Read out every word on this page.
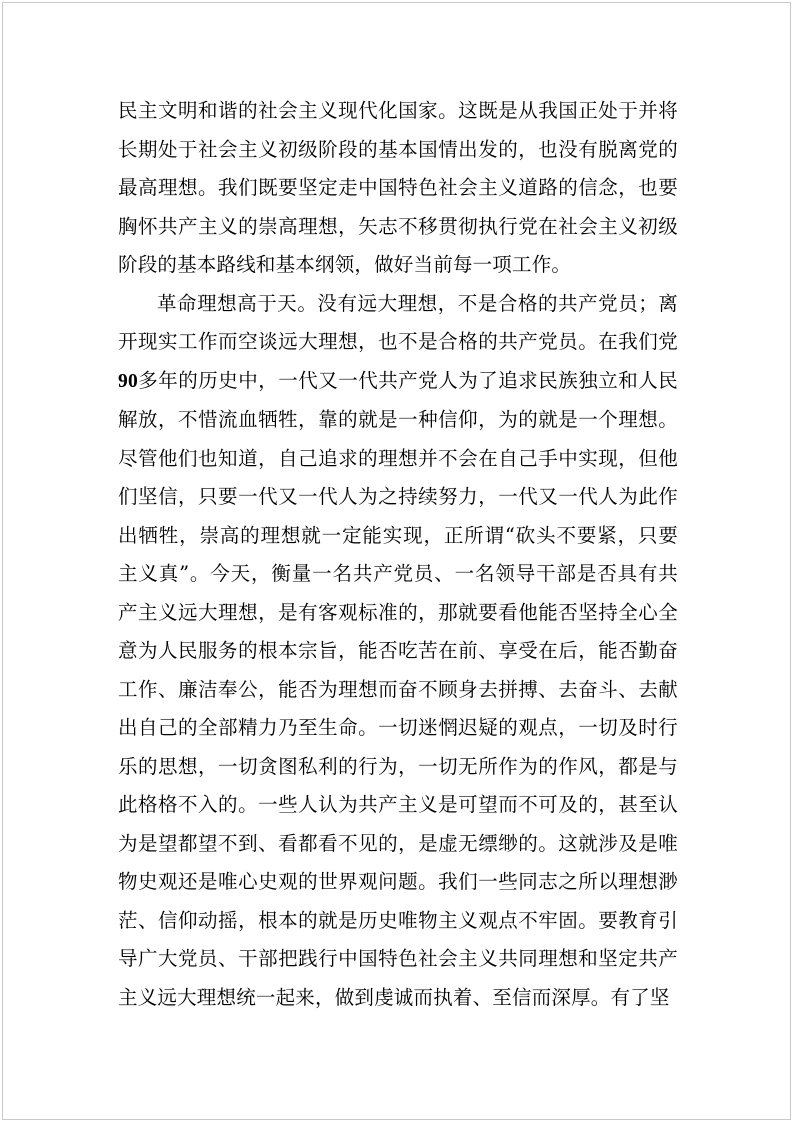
民主文明和谐的社会主义现代化国家。这既是从我国正处于并将长期处于社会主义初级阶段的基本国情出发的，也没有脱离党的最高理想。我们既要坚定走中国特色社会主义道路的信念，也要胸怀共产主义的崇高理想，矢志不移贯彻执行党在社会主义初级阶段的基本路线和基本纲领，做好当前每一项工作。

革命理想高于天。没有远大理想，不是合格的共产党员；离开现实工作而空谈远大理想，也不是合格的共产党员。在我们党90多年的历史中，一代又一代共产党人为了追求民族独立和人民解放，不惜流血牺牲，靠的就是一种信仰，为的就是一个理想。尽管他们也知道，自己追求的理想并不会在自己手中实现，但他们坚信，只要一代又一代人为之持续努力，一代又一代人为此作出牺牲，崇高的理想就一定能实现，正所谓“砍头不要紧，只要主义真”。今天，衡量一名共产党员、一名领导干部是否具有共产主义远大理想，是有客观标准的，那就要看他能否坚持全心全意为人民服务的根本宗旨，能否吃苦在前、享受在后，能否勤奋工作、廉洁奉公，能否为理想而奋不顾身去拼搏、去奋斗、去献出自己的全部精力乃至生命。一切迷惘迟疑的观点，一切及时行乐的思想，一切贪图私利的行为，一切无所作为的作风，都是与此格格不入的。一些人认为共产主义是可望而不可及的，甚至认为是望都望不到、看都看不见的，是虚无缥缈的。这就涉及是唯物史观还是唯心史观的世界观问题。我们一些同志之所以理想渺茫、信仰动摇，根本的就是历史唯物主义观点不牢固。要教育引导广大党员、干部把践行中国特色社会主义共同理想和坚定共产主义远大理想统一起来，做到虔诚而执着、至信而深厚。有了坚
